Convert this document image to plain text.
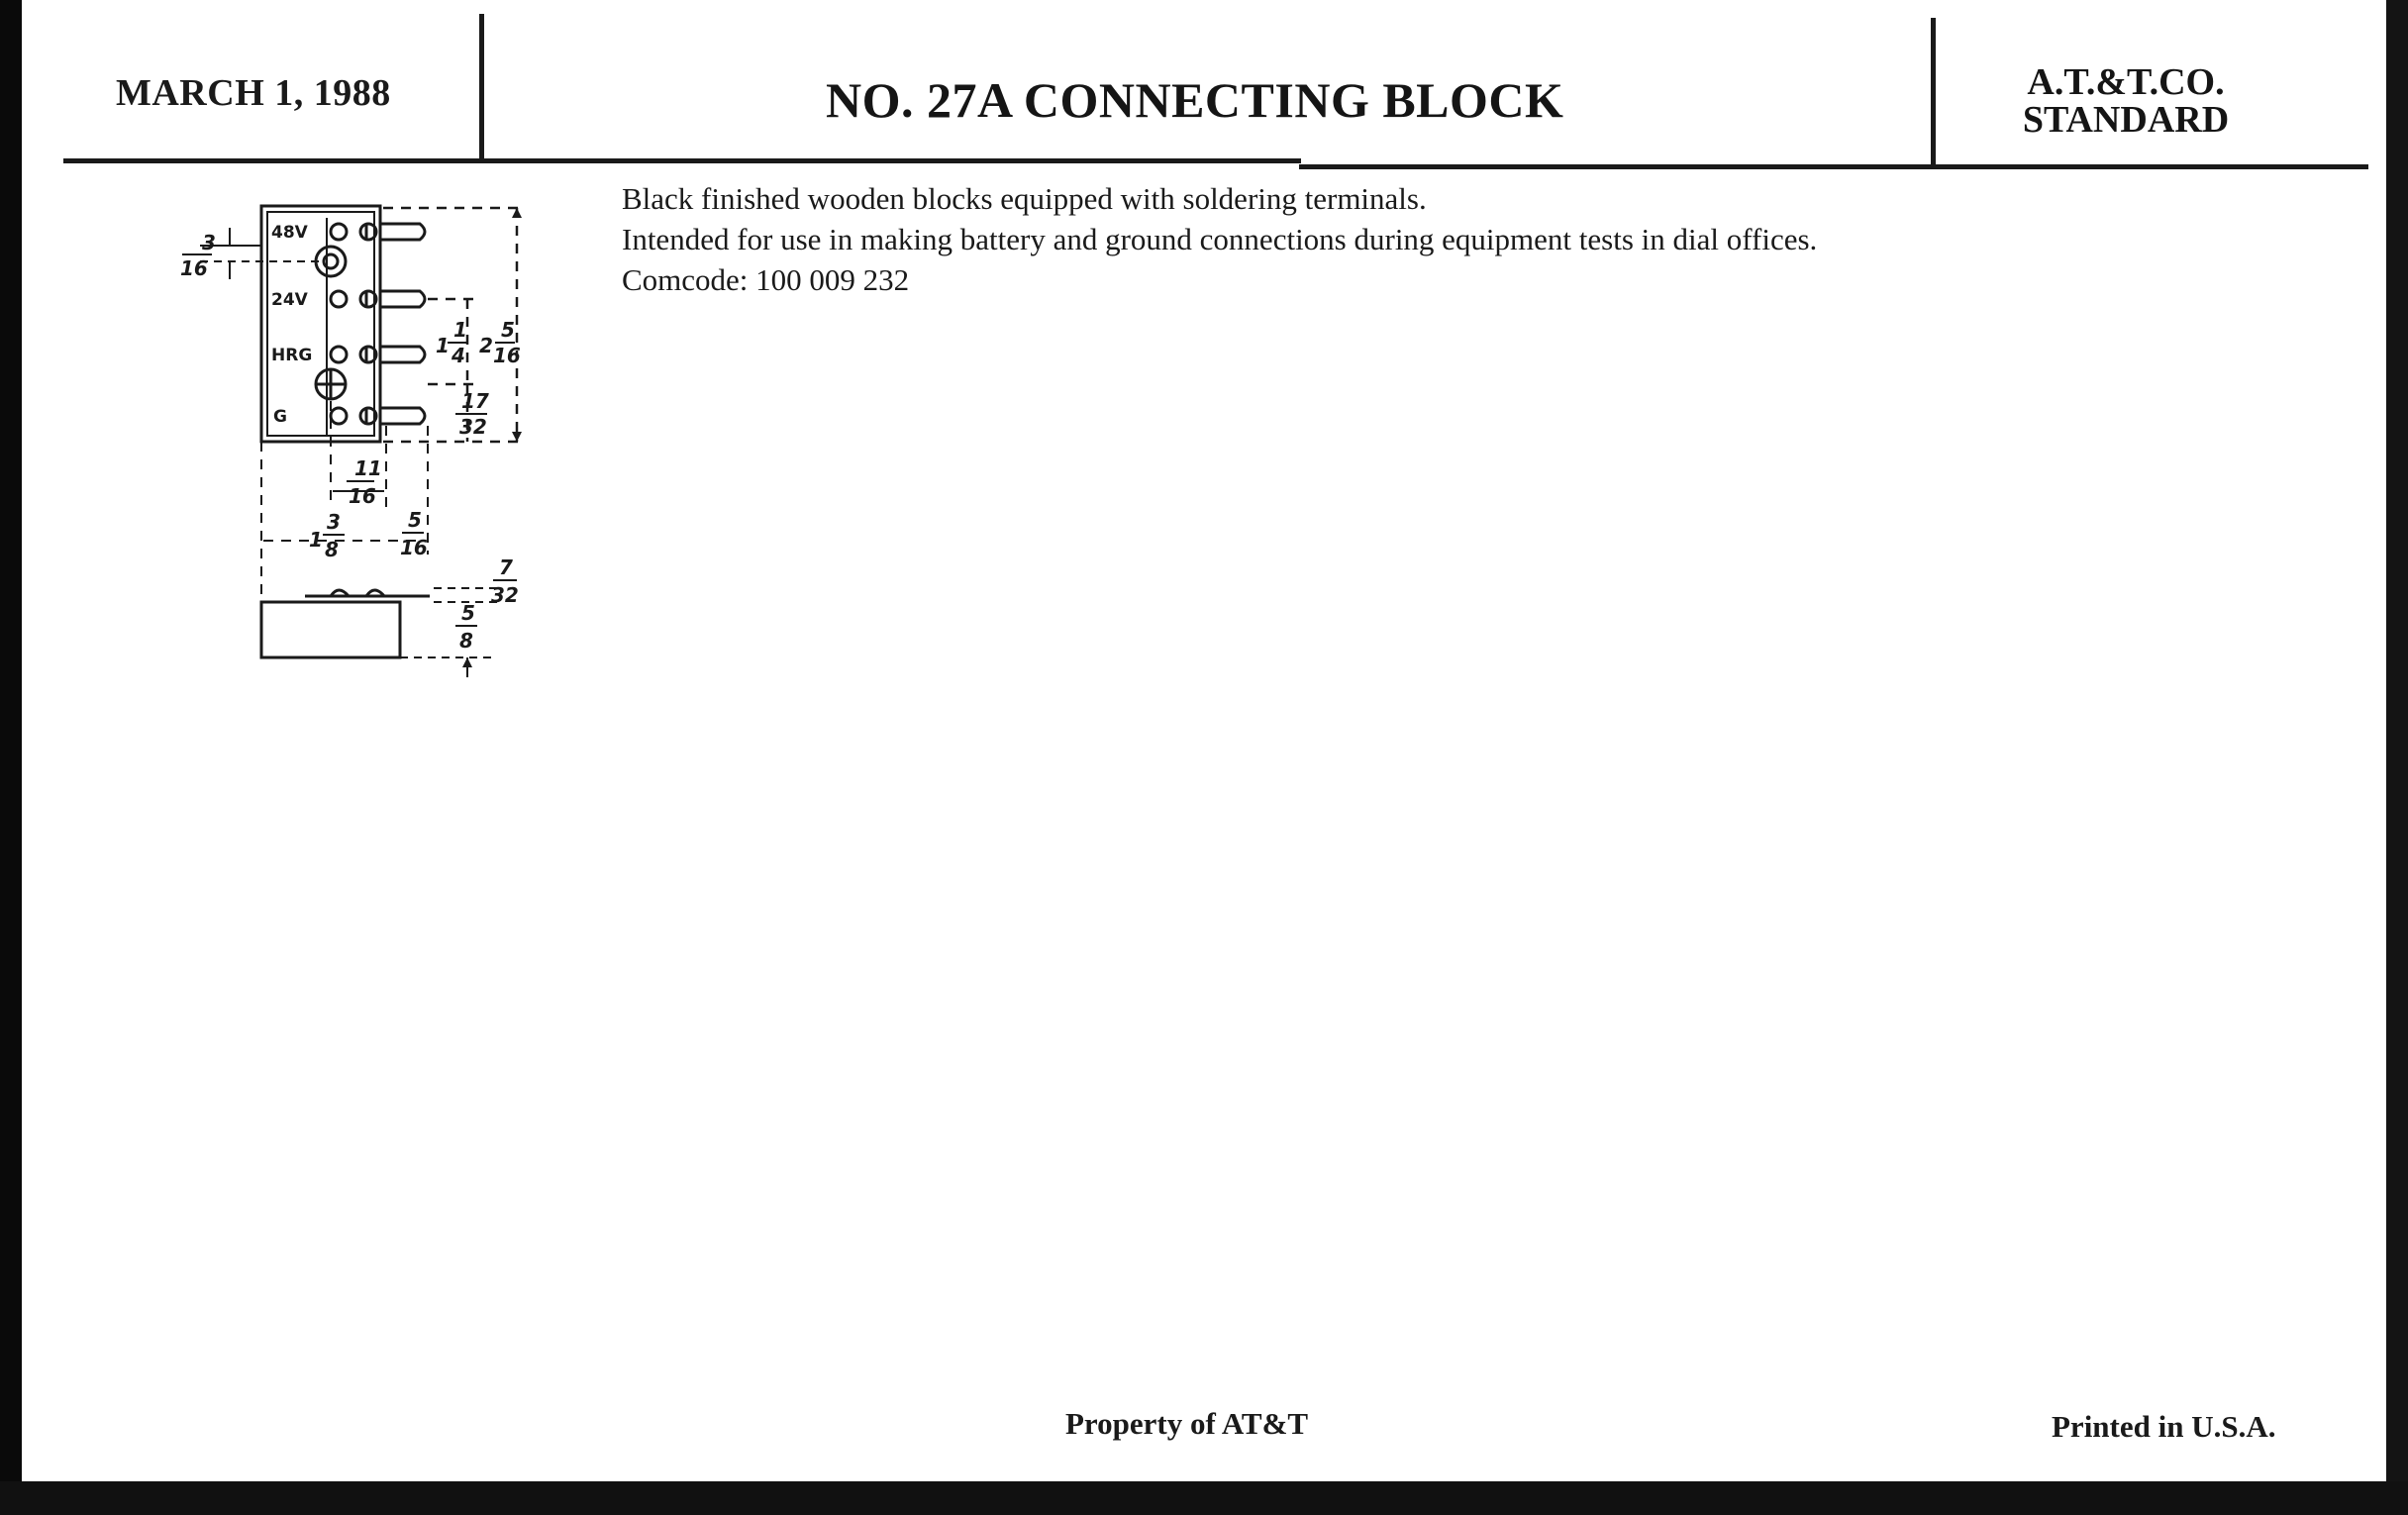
MARCH 1, 1988	NO. 27A CONNECTING BLOCK	A.T.&T.CO.
STANDARD
Black finished wooden blocks equipped with soldering terminals.
Intended for use in making battery and ground connections during equipment tests in dial offices.
Comcode: 100 009 232
48V
24V
HRG
G
3
16
1
1
4 2
5
16
17
32
11
16
1
3
8
5
16
7
32
5
8
Property of AT&T	Printed in U.S.A.
